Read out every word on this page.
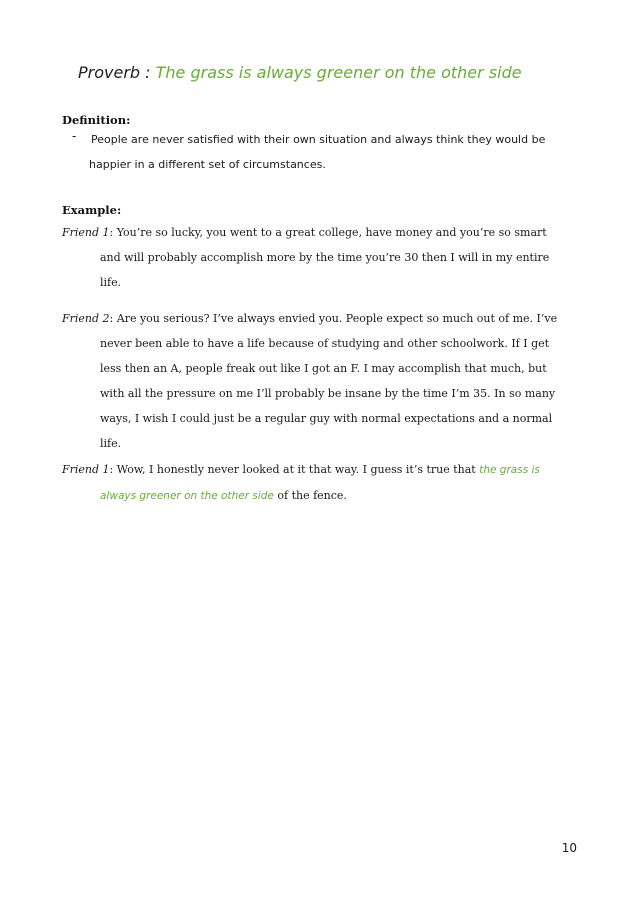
Proverb : The grass is always greener on the other side
Definition:
-	People are never satisfied with their own situation and always think they would be
happier in a different set of circumstances.
Example:
Friend 1: You’re so lucky, you went to a great college, have money and you’re so smart
and will probably accomplish more by the time you’re 30 then I will in my entire
life.
Friend 2: Are you serious? I’ve always envied you. People expect so much out of me. I’ve
never been able to have a life because of studying and other schoolwork. If I get
less then an A, people freak out like I got an F. I may accomplish that much, but
with all the pressure on me I’ll probably be insane by the time I’m 35. In so many
ways, I wish I could just be a regular guy with normal expectations and a normal
life.
Friend 1: Wow, I honestly never looked at it that way. I guess it’s true that the grass is
always greener on the other side of the fence.
10
